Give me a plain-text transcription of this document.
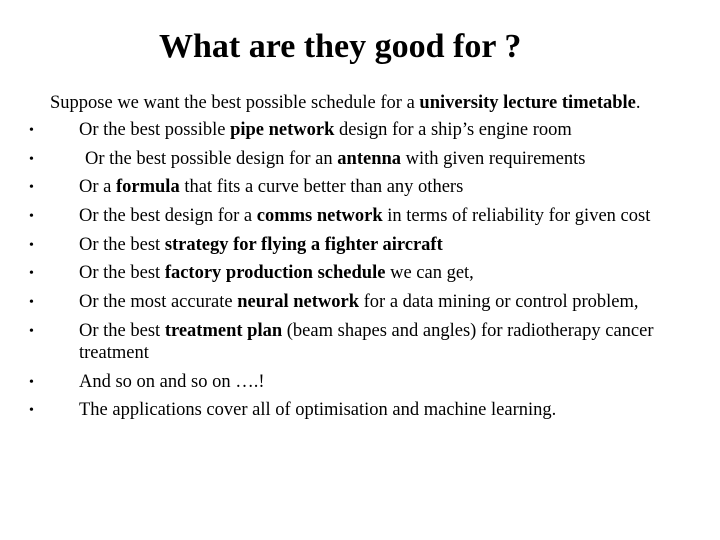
What are they good for ?

Suppose we want the best possible schedule for a university lecture timetable.

• Or the best possible pipe network design for a ship’s engine room
•	Or the best possible design for an antenna with given requirements
• Or a formula that fits a curve better than any others
• Or the best design for a comms network in terms of reliability for given cost
• Or the best strategy for flying a fighter aircraft
• Or the best factory production schedule we can get,
• Or the most accurate neural network for a data mining or control problem,
• Or the best treatment plan (beam shapes and angles) for radiotherapy cancer treatment
• And so on and so on ….!
• The applications cover all of optimisation and machine learning.
